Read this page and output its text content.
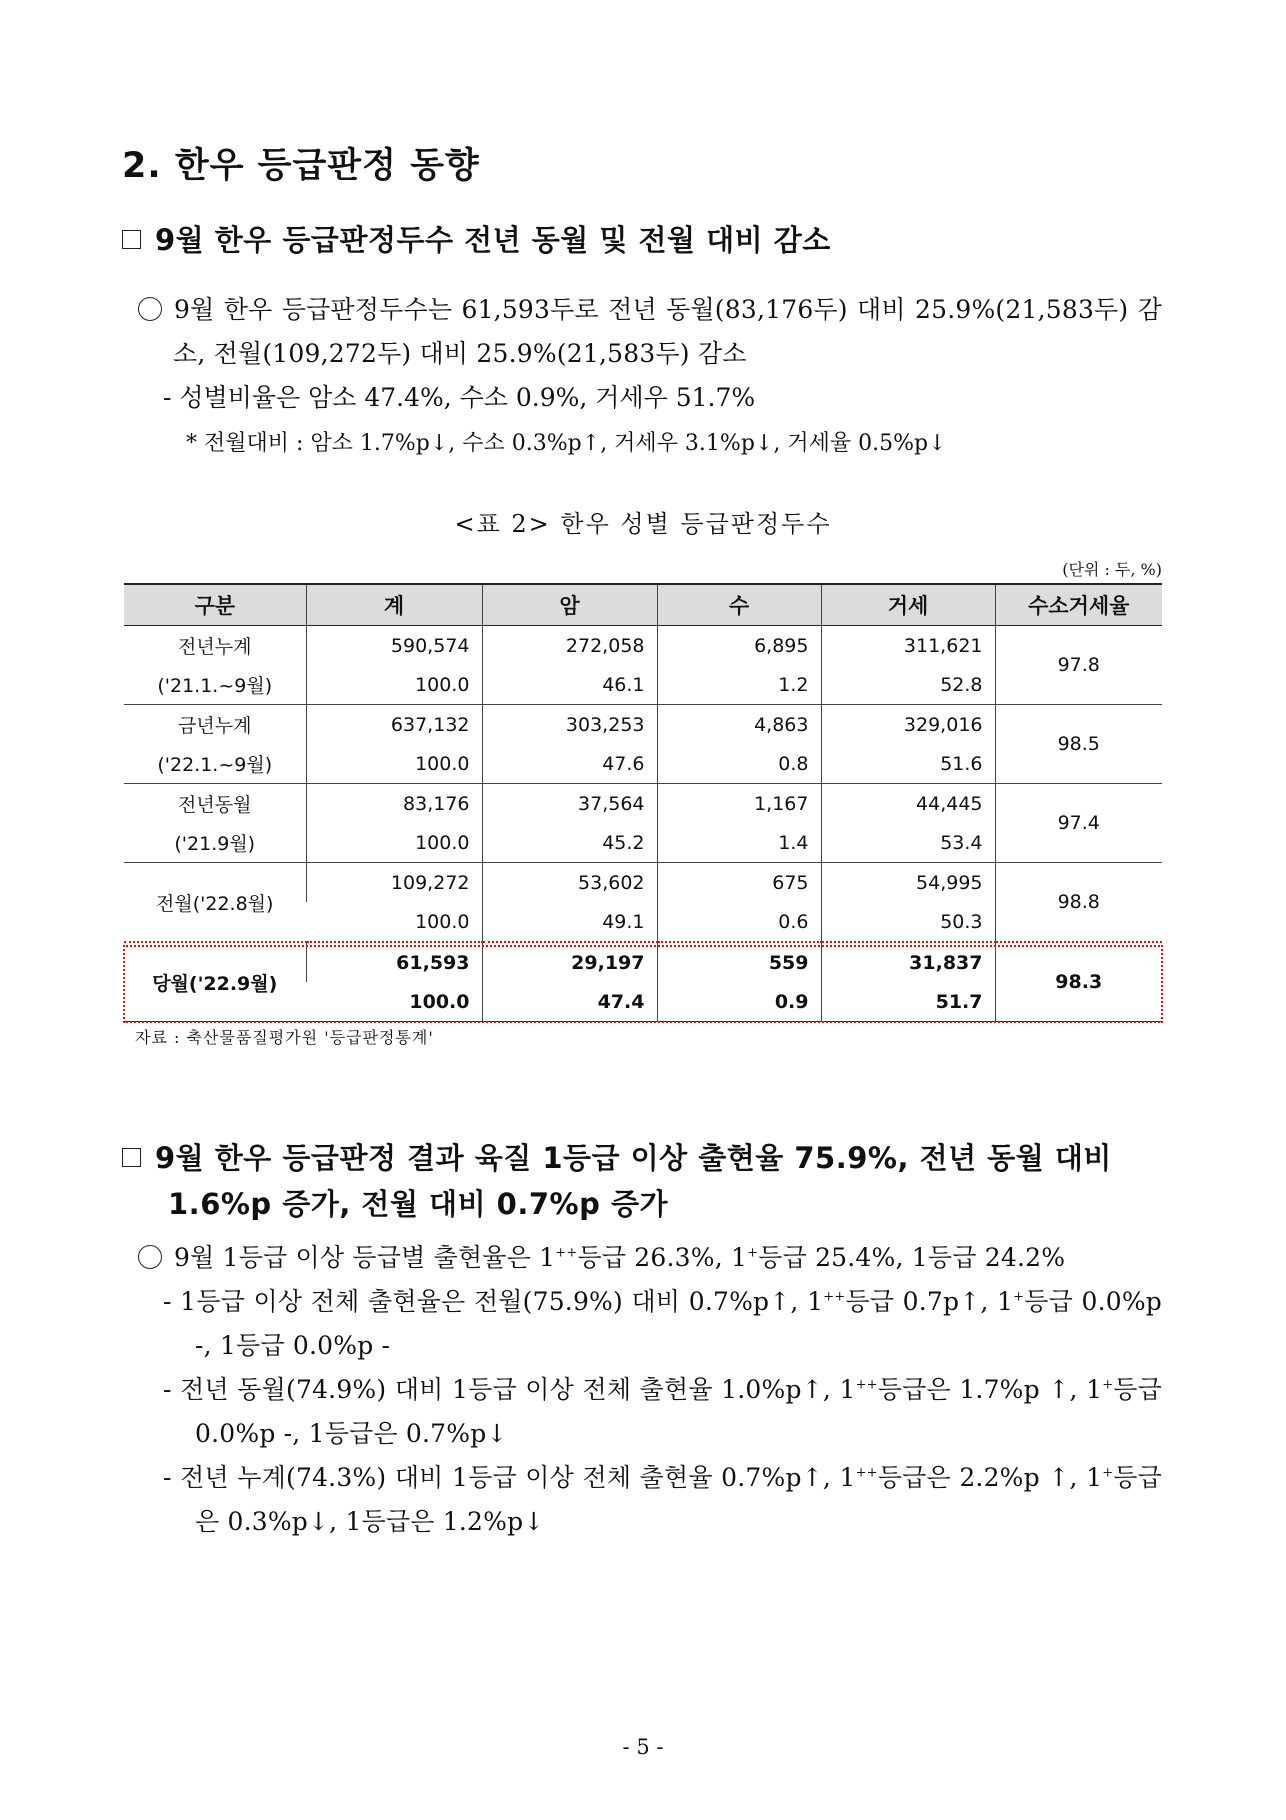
2. 한우 등급판정 동향
9월 한우 등급판정두수 전년 동월 및 전월 대비 감소
9월 한우 등급판정두수는 61,593두로 전년 동월(83,176두) 대비 25.9%(21,583두) 감소, 전월(109,272두) 대비 25.9%(21,583두) 감소
- 성별비율은 암소 47.4%, 수소 0.9%, 거세우 51.7%
* 전월대비 : 암소 1.7%p↓, 수소 0.3%p↑, 거세우 3.1%p↓, 거세율 0.5%p↓
<표 2> 한우 성별 등급판정두수
(단위 : 두, %)
구분	계	암	수	거세	수소거세율
전년누계	590,574	272,058	6,895	311,621	97.8
('21.1.~9월)	100.0	46.1	1.2	52.8	
금년누계	637,132	303,253	4,863	329,016	98.5
('22.1.~9월)	100.0	47.6	0.8	51.6	
전년동월	83,176	37,564	1,167	44,445	97.4
('21.9월)	100.0	45.2	1.4	53.4	
전월('22.8월)	109,272	53,602	675	54,995	98.8
	100.0	49.1	0.6	50.3	
당월('22.9월)	61,593	29,197	559	31,837	98.3
	100.0	47.4	0.9	51.7	
자료 : 축산물품질평가원 '등급판정통계'
9월 한우 등급판정 결과 육질 1등급 이상 출현율 75.9%, 전년 동월 대비
1.6%p 증가, 전월 대비 0.7%p 증가
9월 1등급 이상 등급별 출현율은 1++등급 26.3%, 1+등급 25.4%, 1등급 24.2%
- 1등급 이상 전체 출현율은 전월(75.9%) 대비 0.7%p↑, 1++등급 0.7p↑, 1+등급 0.0%p -, 1등급 0.0%p -
- 전년 동월(74.9%) 대비 1등급 이상 전체 출현율 1.0%p↑, 1++등급은 1.7%p ↑, 1+등급 0.0%p -, 1등급은 0.7%p↓
- 전년 누계(74.3%) 대비 1등급 이상 전체 출현율 0.7%p↑, 1++등급은 2.2%p ↑, 1+등급은 0.3%p↓, 1등급은 1.2%p↓
- 5 -
